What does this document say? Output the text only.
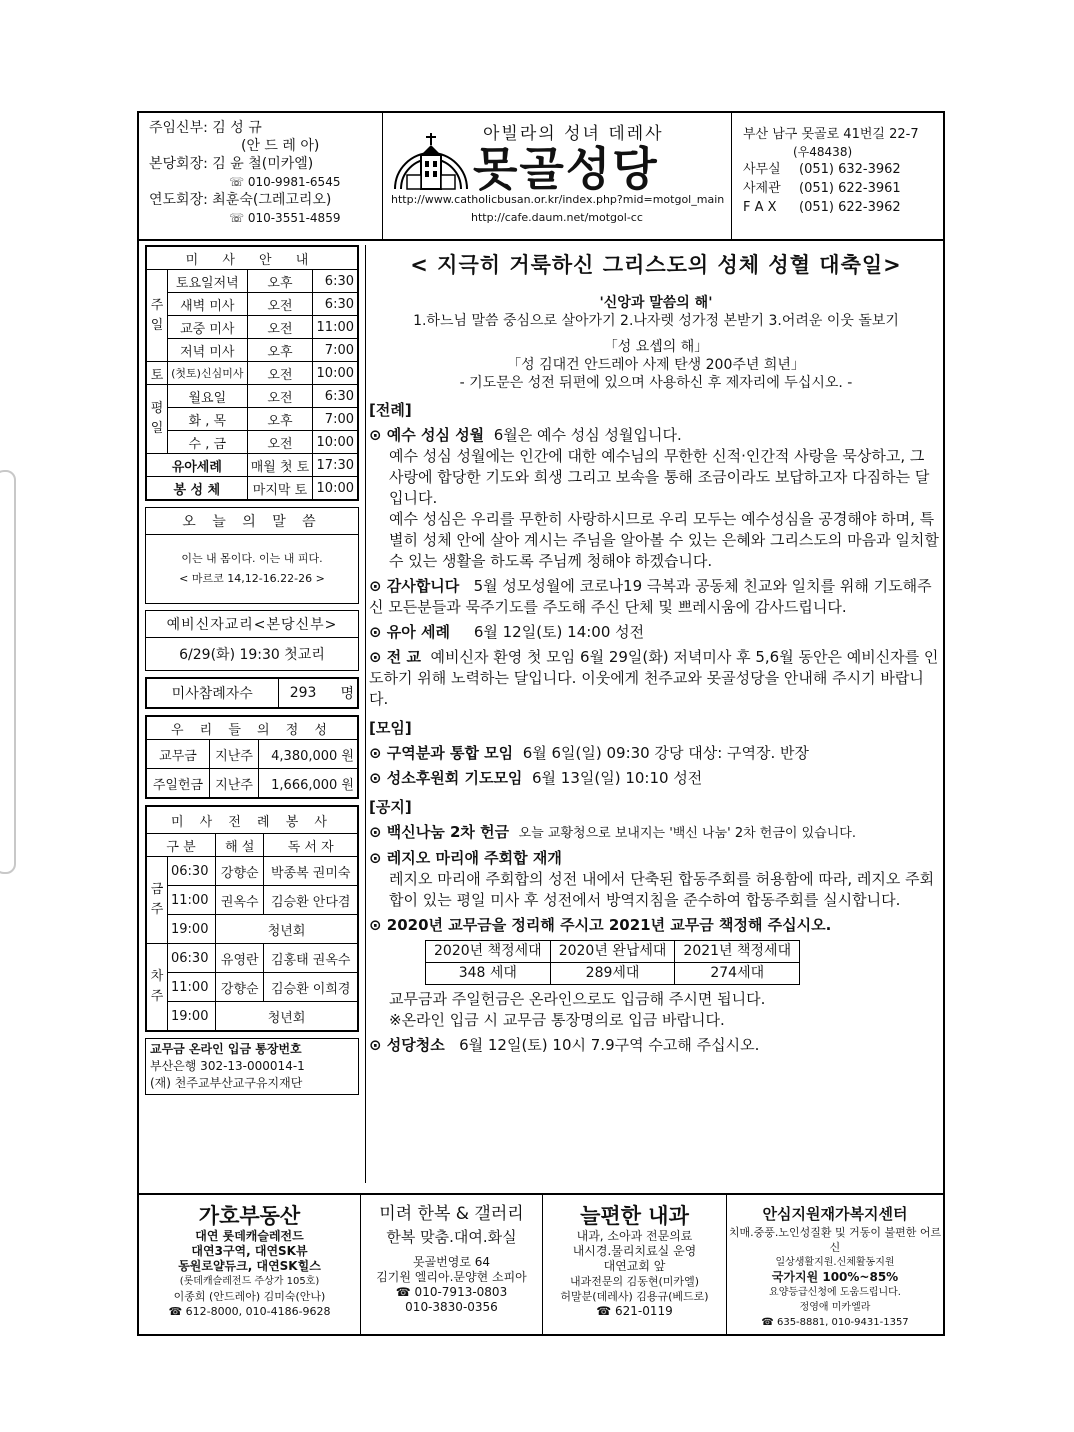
주임신부: 김 성 규
(안 드 레 아)
본당회장: 김 윤 철(미카엘)
☏ 010-9981-6545
연도회장: 최훈숙(그레고리오)
☏ 010-3551-4859
아빌라의 성녀 데레사
못골성당
http://www.catholicbusan.or.kr/index.php?mid=motgol_main
http://cafe.daum.net/motgol-cc
부산 남구 못골로 41번길 22-7
(우48438)
사무실 (051) 632-3962
사제관 (051) 622-3961
F A X (051) 622-3962
미 사 안 내			
주일	토요일저녁	오후	6:30
	새벽 미사	오전	6:30
	교중 미사	오전	11:00
	저녁 미사	오후	7:00
토	(첫토)신심미사	오전	10:00
평일	월요일	오전	6:30
	화 , 목	오후	7:00
	수 , 금	오전	10:00
유아세례		매월 첫 토	17:30
봉 성 체		마지막 토	10:00
오 늘 의 말 씀
이는 내 몸이다. 이는 내 피다.
< 마르코 14,12-16.22-26 >
예비신자교리<본당신부>
6/29(화) 19:30 첫교리
미사참례자수	293	명
우 리 들 의 정 성		
교무금	지난주	4,380,000 원
주일헌금	지난주	1,666,000 원
미 사 전 례 봉 사			
구 분		해 설	독 서 자
금주	06:30	강향순	박종복 권미숙
	11:00	권옥수	김승환 안다겸
	19:00	청년회	
차주	06:30	유영란	김홍태 권옥수
	11:00	강향순	김승환 이희경
	19:00	청년회	
교무금 온라인 입금 통장번호
부산은행 302-13-000014-1
(재) 천주교부산교구유지재단
< 지극히 거룩하신 그리스도의 성체 성혈 대축일>
'신앙과 말씀의 해'
1.하느님 말씀 중심으로 살아가기 2.나자렛 성가정 본받기 3.어려운 이웃 돌보기
「성 요셉의 해」
「성 김대건 안드레아 사제 탄생 200주년 희년」
- 기도문은 성전 뒤편에 있으며 사용하신 후 제자리에 두십시오. -
[전례]
⊙ 예수 성심 성월 6월은 예수 성심 성월입니다.
예수 성심 성월에는 인간에 대한 예수님의 무한한 신적·인간적 사랑을 묵상하고, 그 사랑에 합당한 기도와 희생 그리고 보속을 통해 조금이라도 보답하고자 다짐하는 달입니다.
예수 성심은 우리를 무한히 사랑하시므로 우리 모두는 예수성심을 공경해야 하며, 특별히 성체 안에 살아 계시는 주님을 알아볼 수 있는 은혜와 그리스도의 마음과 일치할 수 있는 생활을 하도록 주님께 청해야 하겠습니다.
⊙ 감사합니다 5월 성모성월에 코로나19 극복과 공동체 친교와 일치를 위해 기도해주신 모든분들과 묵주기도를 주도해 주신 단체 및 쁘레시움에 감사드립니다.
⊙ 유아 세례 6월 12일(토) 14:00 성전
⊙ 전 교 예비신자 환영 첫 모임 6월 29일(화) 저녁미사 후 5,6월 동안은 예비신자를 인도하기 위해 노력하는 달입니다. 이웃에게 천주교와 못골성당을 안내해 주시기 바랍니다.
[모임]
⊙ 구역분과 통합 모임 6월 6일(일) 09:30 강당 대상: 구역장. 반장
⊙ 성소후원회 기도모임 6월 13일(일) 10:10 성전
[공지]
⊙ 백신나눔 2차 헌금 오늘 교황청으로 보내지는 '백신 나눔' 2차 헌금이 있습니다.
⊙ 레지오 마리애 주회합 재개
레지오 마리애 주회합의 성전 내에서 단축된 합동주회를 허용함에 따라, 레지오 주회합이 있는 평일 미사 후 성전에서 방역지침을 준수하여 합동주회를 실시합니다.
⊙ 2020년 교무금을 정리해 주시고 2021년 교무금 책정해 주십시오.
2020년 책정세대	2020년 완납세대	2021년 책정세대
348 세대	289세대	274세대
교무금과 주일헌금은 온라인으로도 입금해 주시면 됩니다.
※온라인 입금 시 교무금 통장명의로 입금 바랍니다.
⊙ 성당청소 6월 12일(토) 10시 7.9구역 수고해 주십시오.
가호부동산
대연 롯데캐슬레전드
대연3구역, 대연SK뷰
동원로얄듀크, 대연SK힐스
(롯데캐슬레전드 주상가 105호)
이종희 (안드레아) 김미숙(안나)
☎ 612-8000, 010-4186-9628
미려 한복 & 갤러리
한복 맞춤.대여.화실
못골번영로 64
김기원 엘리아.문양현 소피아
☎ 010-7913-0803
010-3830-0356
늘편한 내과
내과, 소아과 전문의료
내시경.물리치료실 운영
대연교회 앞
내과전문의 김동현(미카엘)
허말분(데레사) 김용규(베드로)
☎ 621-0119
안심지원재가복지센터
치매.중풍.노인성질환 및 거동이 불편한 어르신
일상생활지원.신체활동지원
국가지원 100%~85%
요양등급신청에 도움드립니다.
정영애 미카엘라
☎ 635-8881, 010-9431-1357
